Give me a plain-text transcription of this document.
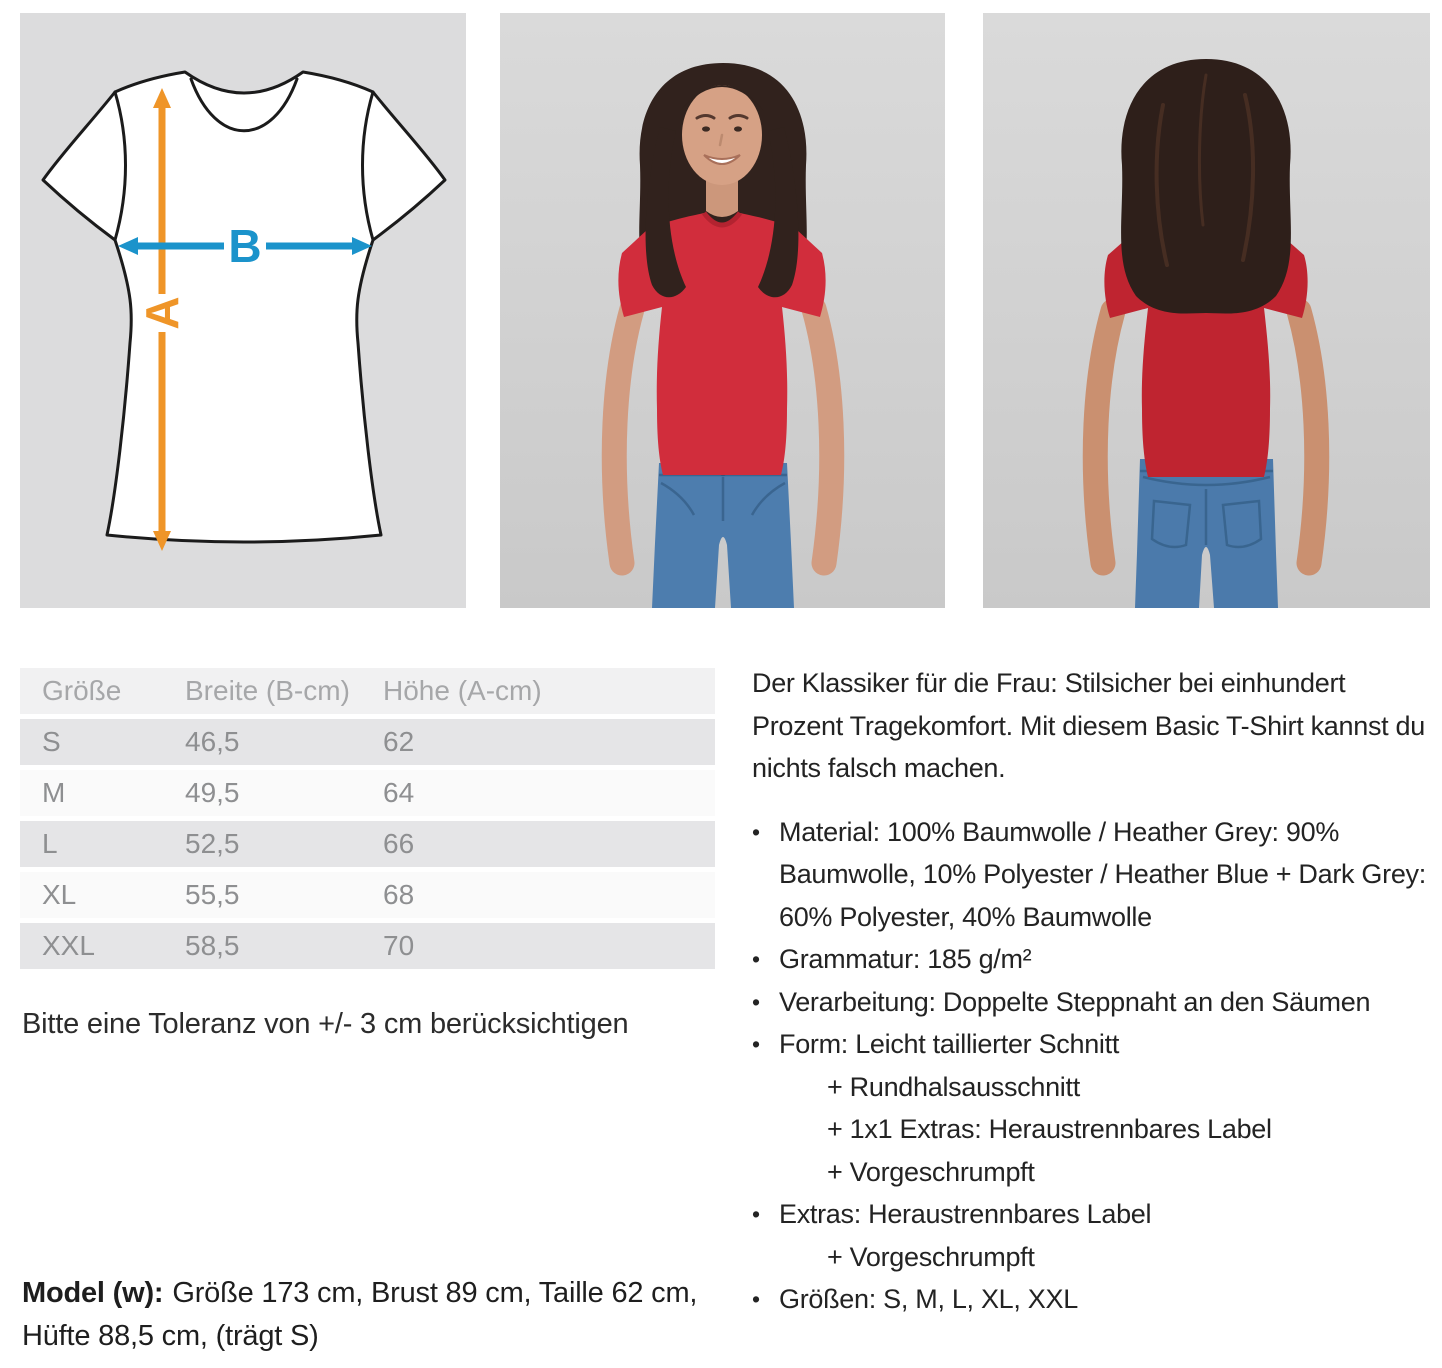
A
B
Größe	Breite (B-cm)	Höhe (A-cm)
S	46,5	62
M	49,5	64
L	52,5	66
XL	55,5	68
XXL	58,5	70
Bitte eine Toleranz von +/- 3 cm berücksichtigen
Model (w): Größe 173 cm, Brust 89 cm, Taille 62 cm, Hüfte 88,5 cm, (trägt S)

Der Klassiker für die Frau: Stilsicher bei einhundert Prozent Tragekomfort. Mit diesem Basic T-Shirt kannst du nichts falsch machen.

• Material: 100% Baumwolle / Heather Grey: 90% Baumwolle, 10% Polyester / Heather Blue + Dark Grey: 60% Polyester, 40% Baumwolle
• Grammatur: 185 g/m²
• Verarbeitung: Doppelte Steppnaht an den Säumen
• Form: Leicht taillierter Schnitt
+ Rundhalsausschnitt
+ 1x1 Extras: Heraustrennbares Label
+ Vorgeschrumpft
• Extras: Heraustrennbares Label
+ Vorgeschrumpft
• Größen: S, M, L, XL, XXL
